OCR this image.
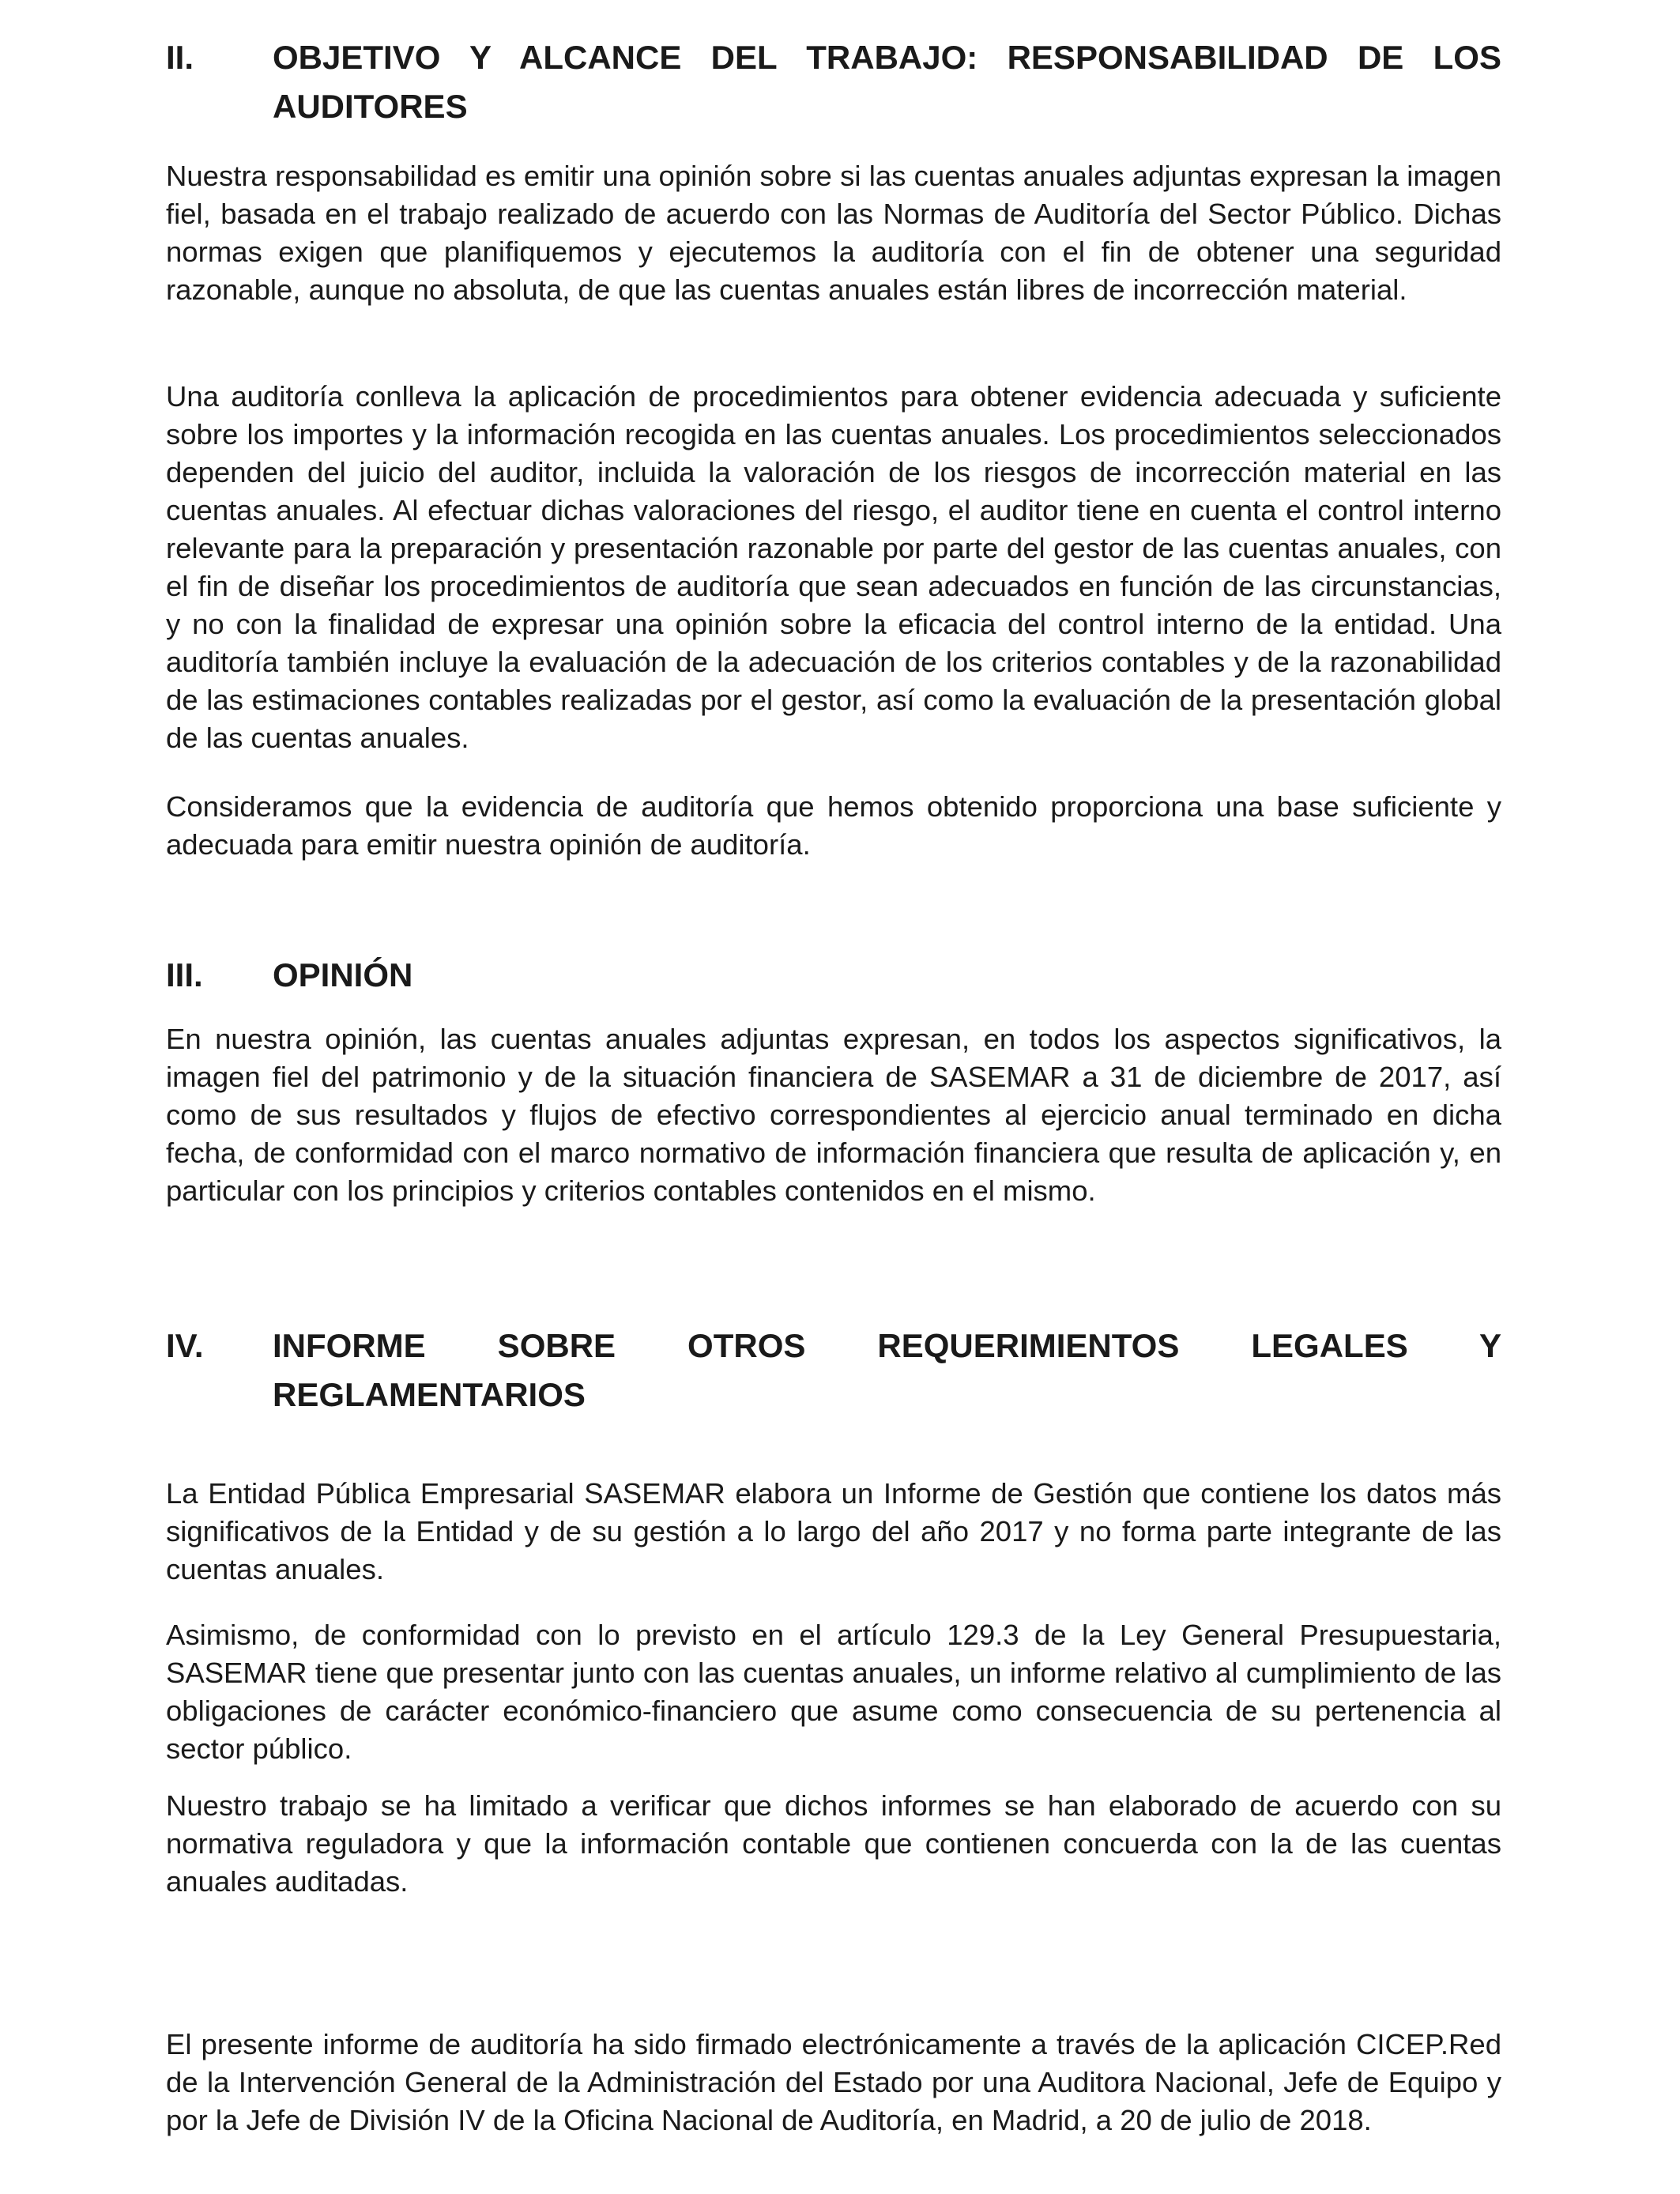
II. OBJETIVO Y ALCANCE DEL TRABAJO: RESPONSABILIDAD DE LOS AUDITORES

Nuestra responsabilidad es emitir una opinión sobre si las cuentas anuales adjuntas expresan la imagen fiel, basada en el trabajo realizado de acuerdo con las Normas de Auditoría del Sector Público. Dichas normas exigen que planifiquemos y ejecutemos la auditoría con el fin de obtener una seguridad razonable, aunque no absoluta, de que las cuentas anuales están libres de incorrección material.

Una auditoría conlleva la aplicación de procedimientos para obtener evidencia adecuada y suficiente sobre los importes y la información recogida en las cuentas anuales. Los procedimientos seleccionados dependen del juicio del auditor, incluida la valoración de los riesgos de incorrección material en las cuentas anuales. Al efectuar dichas valoraciones del riesgo, el auditor tiene en cuenta el control interno relevante para la preparación y presentación razonable por parte del gestor de las cuentas anuales, con el fin de diseñar los procedimientos de auditoría que sean adecuados en función de las circunstancias, y no con la finalidad de expresar una opinión sobre la eficacia del control interno de la entidad. Una auditoría también incluye la evaluación de la adecuación de los criterios contables y de la razonabilidad de las estimaciones contables realizadas por el gestor, así como la evaluación de la presentación global de las cuentas anuales.

Consideramos que la evidencia de auditoría que hemos obtenido proporciona una base suficiente y adecuada para emitir nuestra opinión de auditoría.

III. OPINIÓN

En nuestra opinión, las cuentas anuales adjuntas expresan, en todos los aspectos significativos, la imagen fiel del patrimonio y de la situación financiera de SASEMAR a 31 de diciembre de 2017, así como de sus resultados y flujos de efectivo correspondientes al ejercicio anual terminado en dicha fecha, de conformidad con el marco normativo de información financiera que resulta de aplicación y, en particular con los principios y criterios contables contenidos en el mismo.

IV. INFORME SOBRE OTROS REQUERIMIENTOS LEGALES Y REGLAMENTARIOS

La Entidad Pública Empresarial SASEMAR elabora un Informe de Gestión que contiene los datos más significativos de la Entidad y de su gestión a lo largo del año 2017 y no forma parte integrante de las cuentas anuales.

Asimismo, de conformidad con lo previsto en el artículo 129.3 de la Ley General Presupuestaria, SASEMAR tiene que presentar junto con las cuentas anuales, un informe relativo al cumplimiento de las obligaciones de carácter económico-financiero que asume como consecuencia de su pertenencia al sector público.

Nuestro trabajo se ha limitado a verificar que dichos informes se han elaborado de acuerdo con su normativa reguladora y que la información contable que contienen concuerda con la de las cuentas anuales auditadas.

El presente informe de auditoría ha sido firmado electrónicamente a través de la aplicación CICEP.Red de la Intervención General de la Administración del Estado por una Auditora Nacional, Jefe de Equipo y por la Jefe de División IV de la Oficina Nacional de Auditoría, en Madrid, a 20 de julio de 2018.
